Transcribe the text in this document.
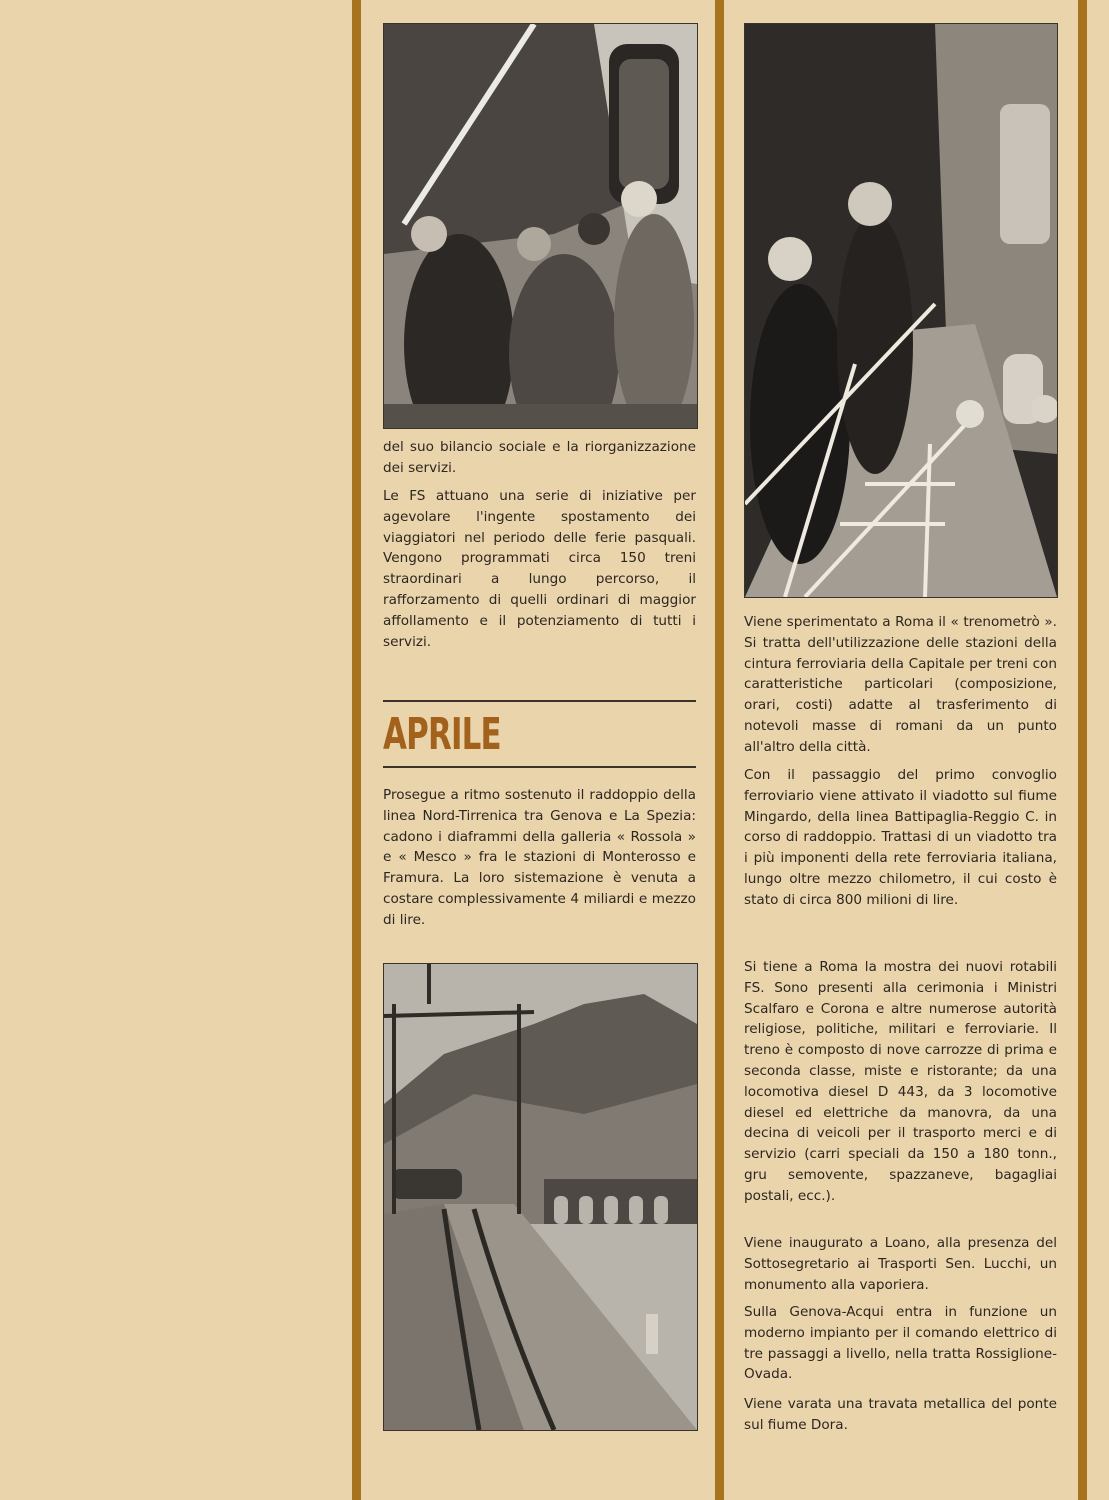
del suo bilancio sociale e la riorganizzazione dei servizi.

Le FS attuano una serie di iniziative per agevolare l'ingente spostamento dei viaggiatori nel periodo delle ferie pasquali. Vengono programmati circa 150 treni straordinari a lungo percorso, il rafforzamento di quelli ordinari di maggior affollamento e il potenziamento di tutti i servizi.

APRILE

Prosegue a ritmo sostenuto il raddoppio della linea Nord-Tirrenica tra Genova e La Spezia: cadono i diaframmi della galleria « Rossola » e « Mesco » fra le stazioni di Monterosso e Framura. La loro sistemazione è venuta a costare complessivamente 4 miliardi e mezzo di lire.

Viene sperimentato a Roma il « trenometrò ». Si tratta dell'utilizzazione delle stazioni della cintura ferroviaria della Capitale per treni con caratteristiche particolari (composizione, orari, costi) adatte al trasferimento di notevoli masse di romani da un punto all'altro della città.

Con il passaggio del primo convoglio ferroviario viene attivato il viadotto sul fiume Mingardo, della linea Battipaglia-Reggio C. in corso di raddoppio. Trattasi di un viadotto tra i più imponenti della rete ferroviaria italiana, lungo oltre mezzo chilometro, il cui costo è stato di circa 800 milioni di lire.

Si tiene a Roma la mostra dei nuovi rotabili FS. Sono presenti alla cerimonia i Ministri Scalfaro e Corona e altre numerose autorità religiose, politiche, militari e ferroviarie. Il treno è composto di nove carrozze di prima e seconda classe, miste e ristorante; da una locomotiva diesel D 443, da 3 locomotive diesel ed elettriche da manovra, da una decina di veicoli per il trasporto merci e di servizio (carri speciali da 150 a 180 tonn., gru semovente, spazzaneve, bagagliai postali, ecc.).

Viene inaugurato a Loano, alla presenza del Sottosegretario ai Trasporti Sen. Lucchi, un monumento alla vaporiera.

Sulla Genova-Acqui entra in funzione un moderno impianto per il comando elettrico di tre passaggi a livello, nella tratta Rossiglione-Ovada.

Viene varata una travata metallica del ponte sul fiume Dora.
